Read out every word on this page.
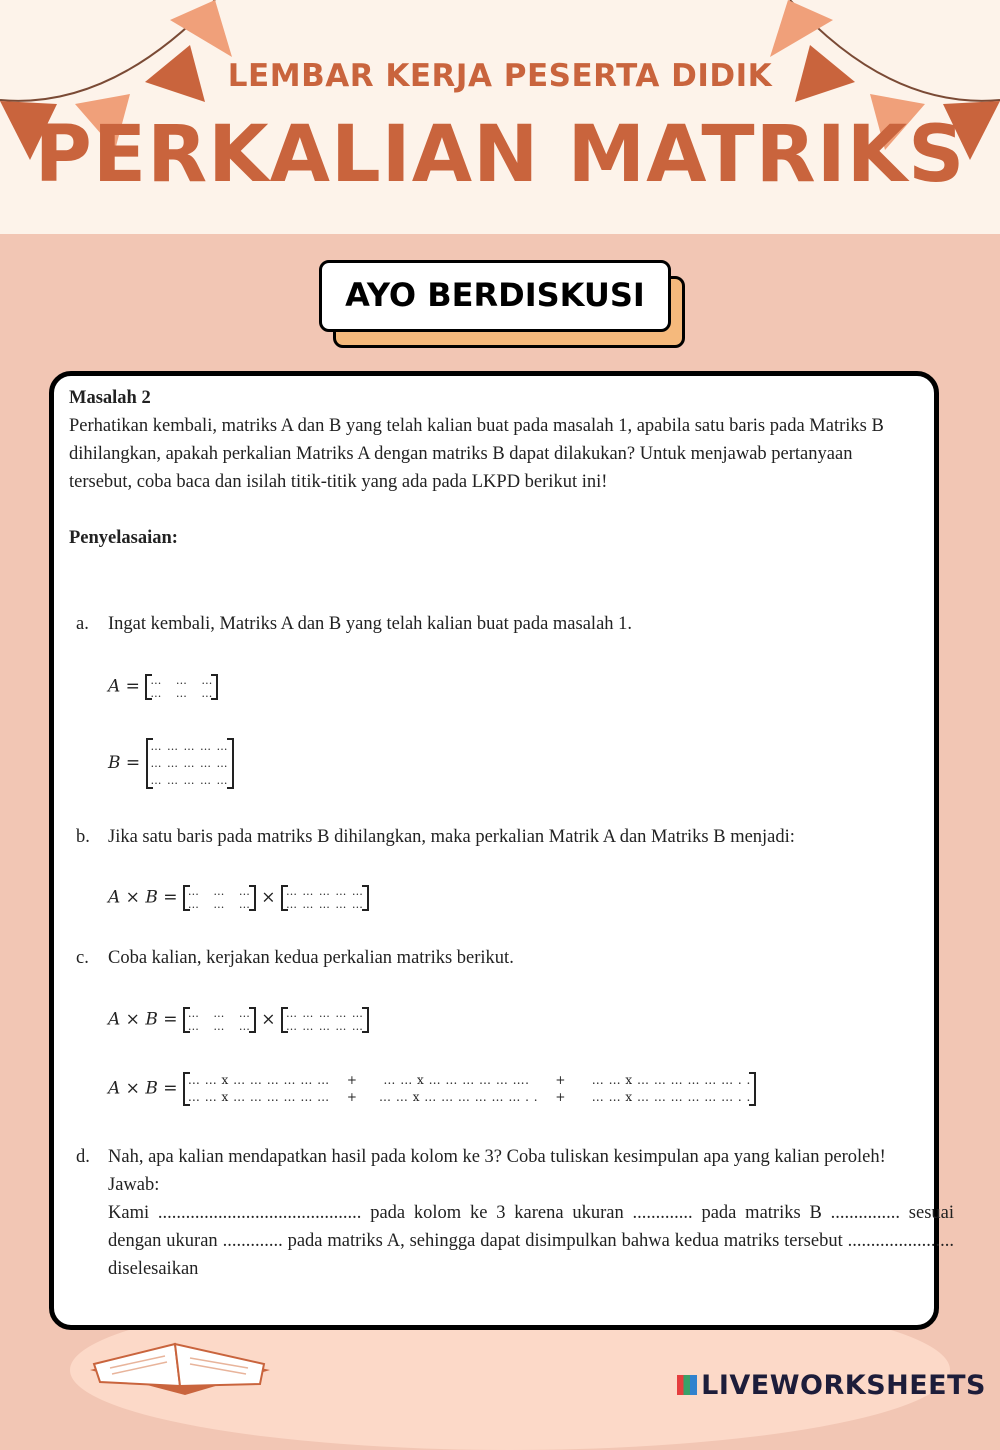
LEMBAR KERJA PESERTA DIDIK
PERKALIAN MATRIKS
AYO BERDISKUSI

Masalah 2

Perhatikan kembali, matriks A dan B yang telah kalian buat pada masalah 1, apabila satu baris pada Matriks B dihilangkan, apakah perkalian Matriks A dengan matriks B dapat dilakukan? Untuk menjawab pertanyaan tersebut, coba baca dan isilah titik-titik yang ada pada LKPD berikut ini!

Penyelasaian:

a. Ingat kembali, Matriks A dan B yang telah kalian buat pada masalah 1.
A = …   …   …
…   …   …
B =
… … … … …
… … … … …
… … … … …
b. Jika satu baris pada matriks B dihilangkan, maka perkalian Matrik A dan Matriks B menjadi:
A × B = …   …   …
…   …   … × … … … … …
… … … … …
c. Coba kalian, kerjakan kedua perkalian matriks berikut.
A × B = …   …   …
…   …   … × … … … … …
… … … … …
A × B = … … x … … … … … …    +      … … x … … … … … ….      +      … … x … … … … … … . .
… … x … … … … … …    +     … … x … … … … … … . .    +      … … x … … … … … … . .
d. Nah, apa kalian mendapatkan hasil pada kolom ke 3? Coba tuliskan kesimpulan apa yang kalian peroleh!
Jawab:
Kami ............................................ pada kolom ke 3 karena ukuran ............. pada matriks B ............... sesuai dengan ukuran ............. pada matriks A, sehingga dapat disimpulkan bahwa kedua matriks tersebut ....................... diselesaikan
LIVEWORKSHEETS
